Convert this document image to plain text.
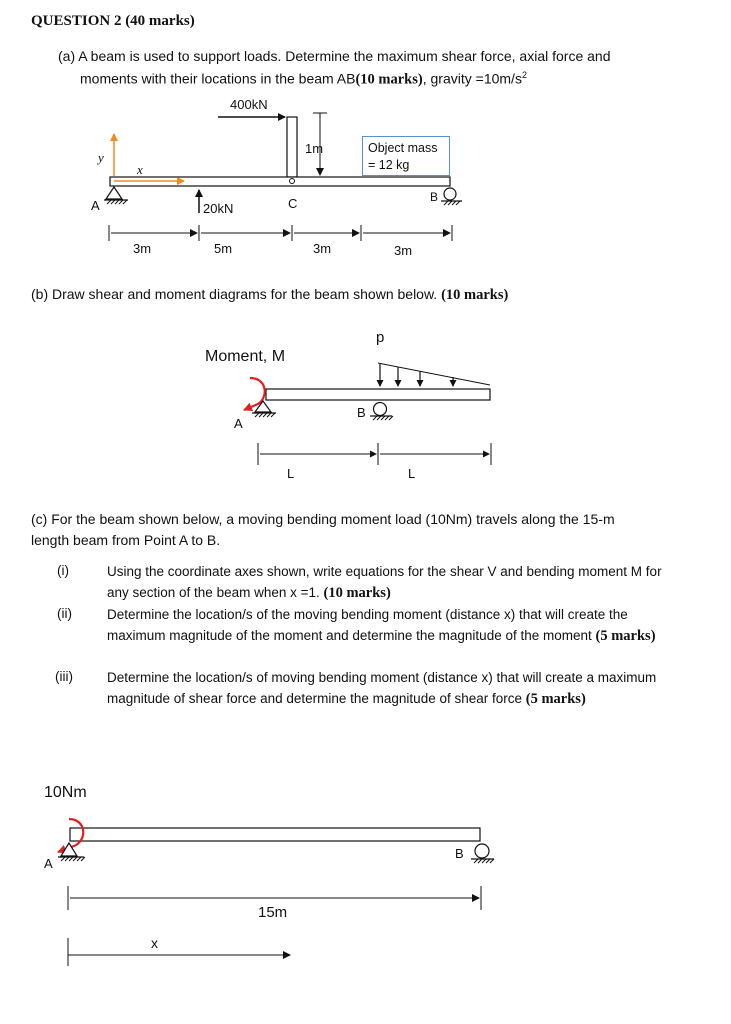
QUESTION 2 (40 marks)
(a) A beam is used to support loads. Determine the maximum shear force, axial force and
moments with their locations in the beam AB(10 marks), gravity $=10m/s^2$
400kN
1m	Object mass
= 12 kg
y
x
A
B
C
20kN
3m	5m	3m	3m
(b) Draw shear and moment diagrams for the beam shown below. (10 marks)
Moment, M
p
A
B
L	L
(c) For the beam shown below, a moving bending moment load (10Nm) travels along the 15-m
length beam from Point A to B.
(i)	Using the coordinate axes shown, write equations for the shear V and bending moment M for any section of the beam when x =1. (10 marks)
(ii)	Determine the location/s of the moving bending moment (distance x) that will create the maximum magnitude of the moment and determine the magnitude of the moment (5 marks)
(iii)	Determine the location/s of moving bending moment (distance x) that will create a maximum magnitude of shear force and determine the magnitude of shear force (5 marks)
10Nm
A
B
15m
x
